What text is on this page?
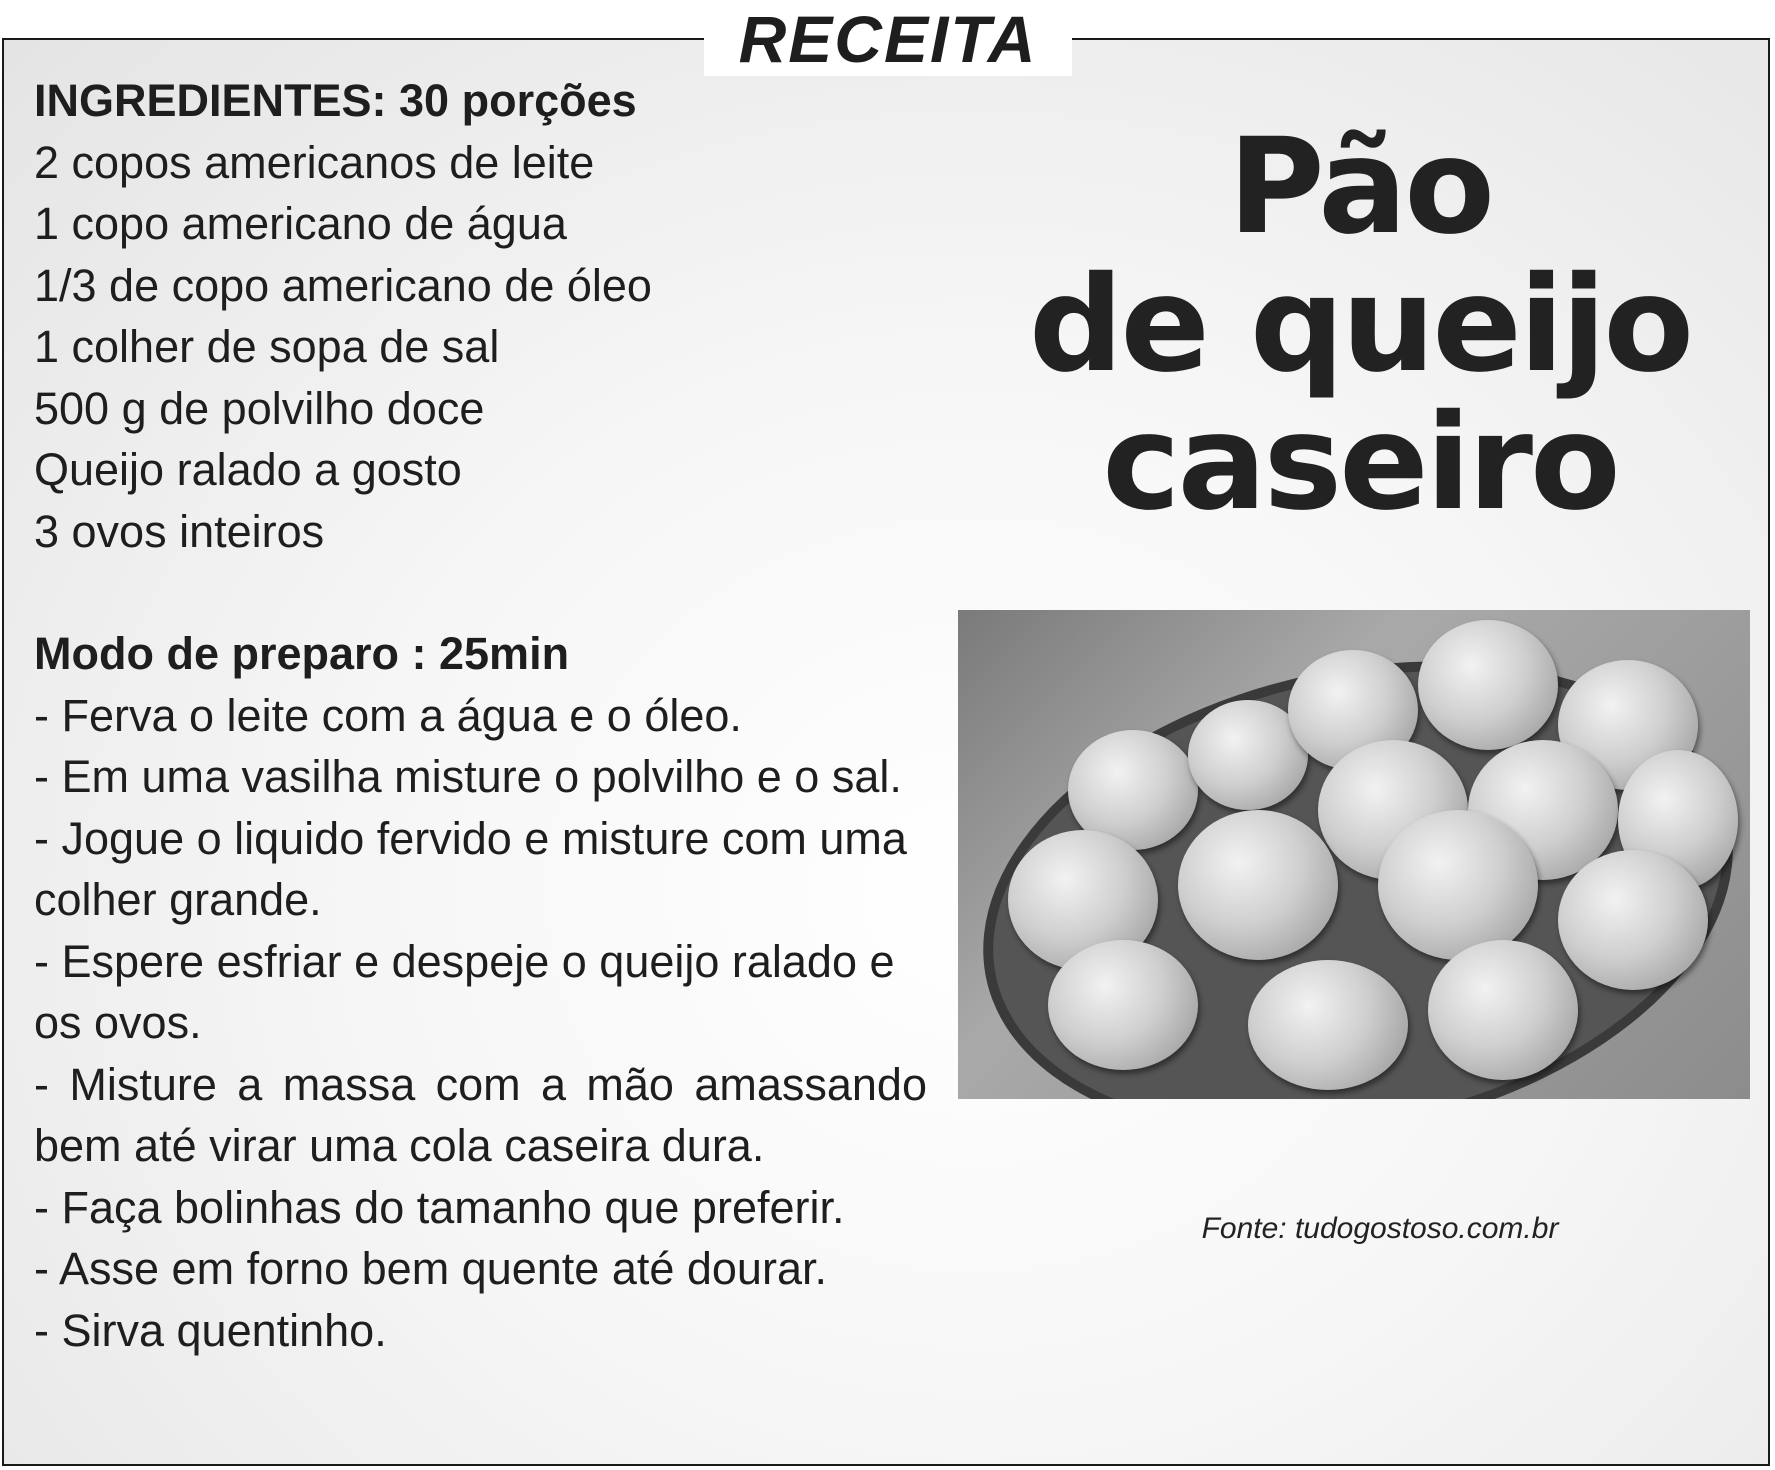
RECEITA
INGREDIENTES: 30 porções
2 copos americanos de leite
1 copo americano de água
1/3 de copo americano de óleo
1 colher de sopa de sal
500 g de polvilho doce
Queijo ralado a gosto
3 ovos inteiros
Modo de preparo : 25min
- Ferva o leite com a água e o óleo.
- Em uma vasilha misture o polvilho e o sal.
- Jogue o liquido fervido e misture com uma
colher grande.
- Espere esfriar e despeje o queijo ralado e
os ovos.
- Misture a massa com a mão amassando
bem até virar uma cola caseira dura.
- Faça bolinhas do tamanho que preferir.
- Asse em forno bem quente até dourar.
- Sirva quentinho.
Pão
de queijo
caseiro
Fonte: tudogostoso.com.br
